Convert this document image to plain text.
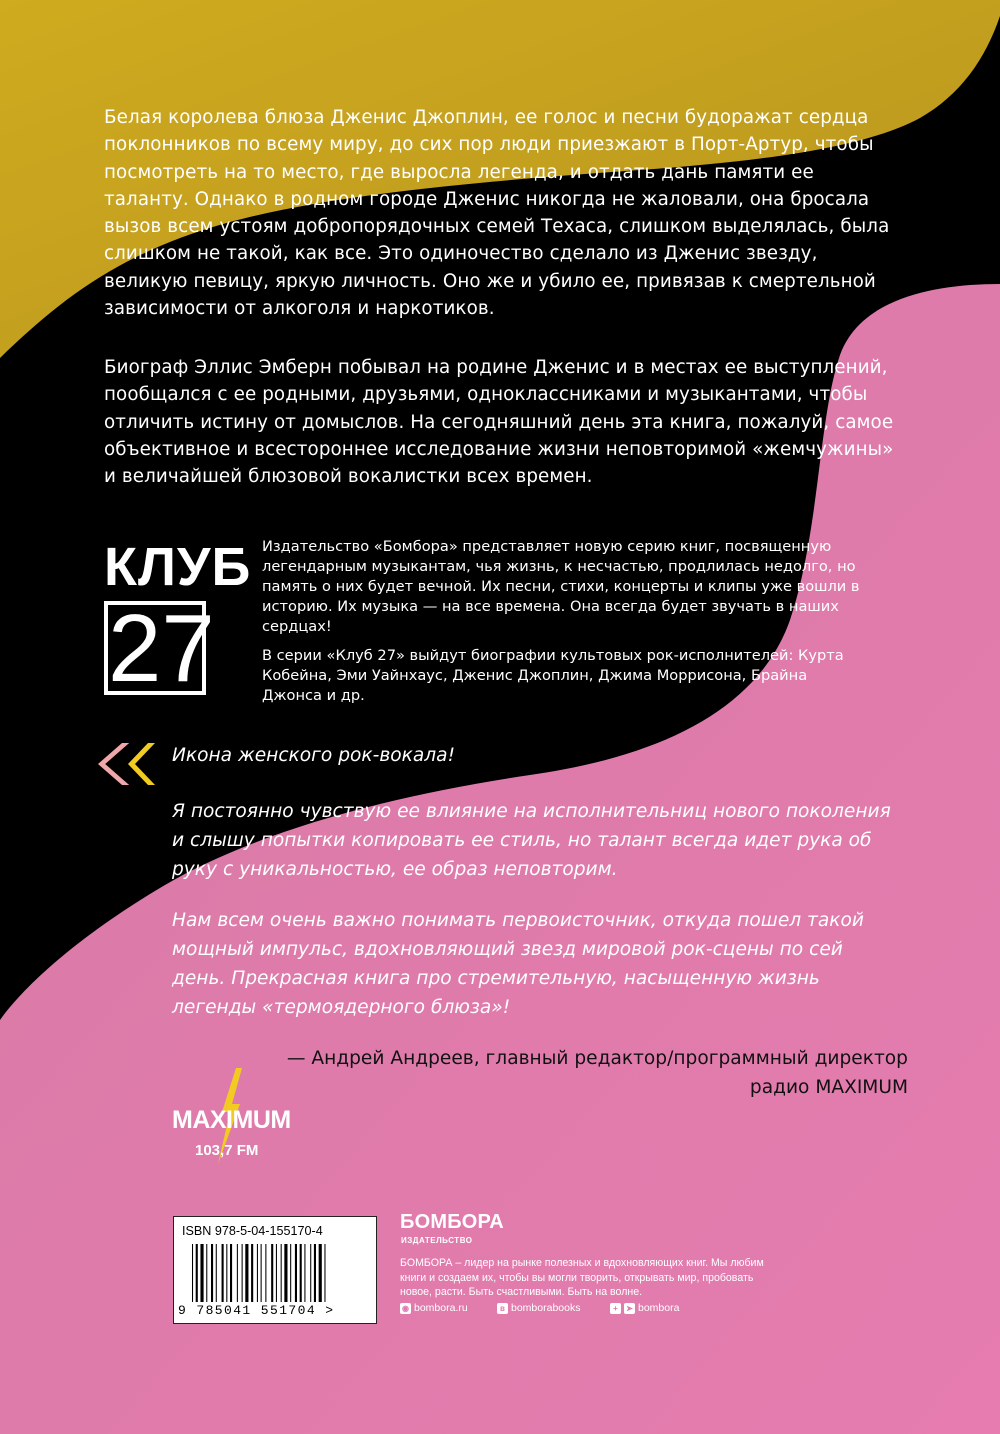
Белая королева блюза Дженис Джоплин, ее голос и песни будоражат сердца поклонников по всему миру, до сих пор люди приезжают в Порт-Артур, чтобы посмотреть на то место, где выросла легенда, и отдать дань памяти ее таланту. Однако в родном городе Дженис никогда не жаловали, она бросала вызов всем устоям добропорядочных семей Техаса, слишком выделялась, была слишком не такой, как все. Это одиночество сделало из Дженис звезду, великую певицу, яркую личность. Оно же и убило ее, привязав к смертельной зависимости от алкоголя и наркотиков.
Биограф Эллис Эмберн побывал на родине Дженис и в местах ее выступлений, пообщался с ее родными, друзьями, одноклассниками и музыкантами, чтобы отличить истину от домыслов. На сегодняшний день эта книга, пожалуй, самое объективное и всестороннее исследование жизни неповторимой «жемчужины» и величайшей блюзовой вокалистки всех времен.
КЛУБ
27
Издательство «Бомбора» представляет новую серию книг, посвященную легендарным музыкантам, чья жизнь, к несчастью, продлилась недолго, но память о них будет вечной. Их песни, стихи, концерты и клипы уже вошли в историю. Их музыка — на все времена. Она всегда будет звучать в наших сердцах!
В серии «Клуб 27» выйдут биографии культовых рок-исполнителей: Курта Кобейна, Эми Уайнхаус, Дженис Джоплин, Джима Моррисона, Брайна Джонса и др.
Икона женского рок-вокала!
Я постоянно чувствую ее влияние на исполнительниц нового поколения и слышу попытки копировать ее стиль, но талант всегда идет рука об руку с уникальностью, ее образ неповторим.
Нам всем очень важно понимать первоисточник, откуда пошел такой мощный импульс, вдохновляющий звезд мировой рок-сцены по сей день. Прекрасная книга про стремительную, насыщенную жизнь легенды «термоядерного блюза»!
— Андрей Андреев, главный редактор/программный директор
радио MAXIMUM
MAXIMUM
103,7 FM
ISBN 978-5-04-155170-4
9 785041 551704 >
БОМБОРА
ИЗДАТЕЛЬСТВО
БОМБОРА – лидер на рынке полезных и вдохновляющих книг. Мы любим книги и создаем их, чтобы вы могли творить, открывать мир, пробовать новое, расти. Быть счастливыми. Быть на волне.
◉ bombora.ru	в bomborabooks	+	➤ bombora
